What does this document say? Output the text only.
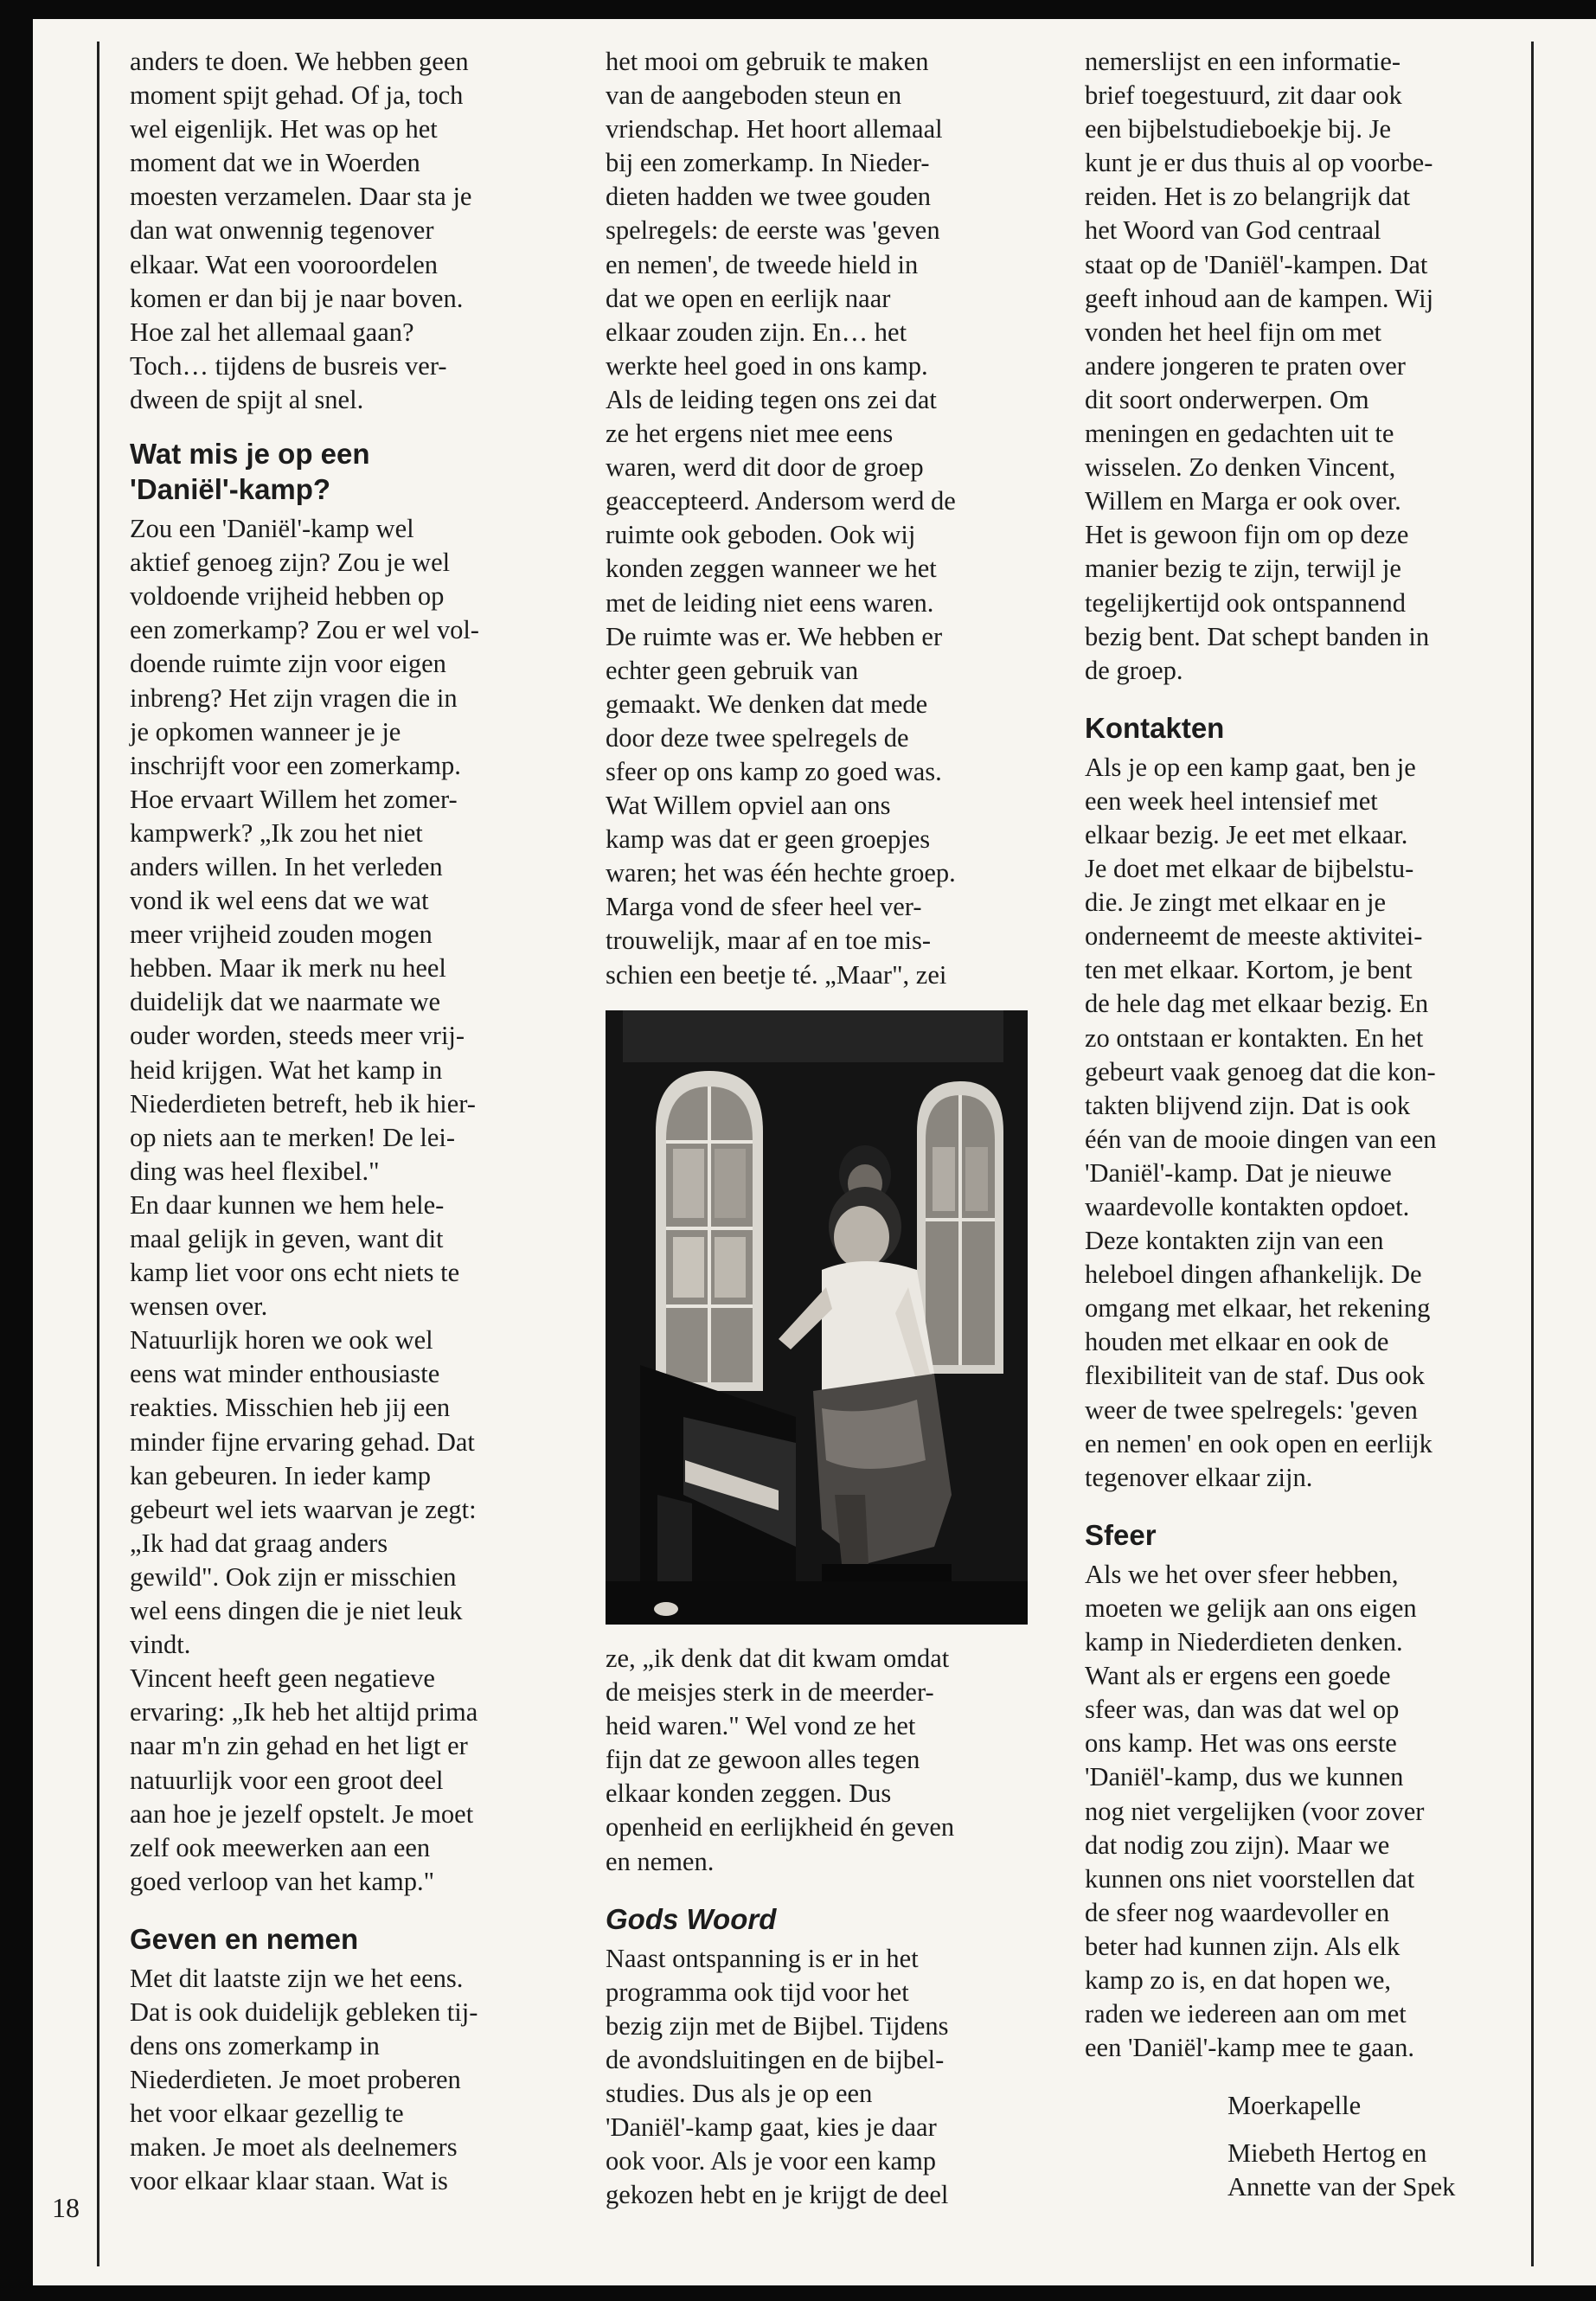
18

anders te doen. We hebben geen

moment spijt gehad. Of ja, toch

wel eigenlijk. Het was op het

moment dat we in Woerden

moesten verzamelen. Daar sta je

dan wat onwennig tegenover

elkaar. Wat een vooroordelen

komen er dan bij je naar boven.

Hoe zal het allemaal gaan?

Toch… tijdens de busreis ver-

dween de spijt al snel.

Wat mis je op een
'Daniël'-kamp?

Zou een 'Daniël'-kamp wel

aktief genoeg zijn? Zou je wel

voldoende vrijheid hebben op

een zomerkamp? Zou er wel vol-

doende ruimte zijn voor eigen

inbreng? Het zijn vragen die in

je opkomen wanneer je je

inschrijft voor een zomerkamp.

Hoe ervaart Willem het zomer-

kampwerk? „Ik zou het niet

anders willen. In het verleden

vond ik wel eens dat we wat

meer vrijheid zouden mogen

hebben. Maar ik merk nu heel

duidelijk dat we naarmate we

ouder worden, steeds meer vrij-

heid krijgen. Wat het kamp in

Niederdieten betreft, heb ik hier-

op niets aan te merken! De lei-

ding was heel flexibel."

En daar kunnen we hem hele-

maal gelijk in geven, want dit

kamp liet voor ons echt niets te

wensen over.

Natuurlijk horen we ook wel

eens wat minder enthousiaste

reakties. Misschien heb jij een

minder fijne ervaring gehad. Dat

kan gebeuren. In ieder kamp

gebeurt wel iets waarvan je zegt:

„Ik had dat graag anders

gewild". Ook zijn er misschien

wel eens dingen die je niet leuk

vindt.

Vincent heeft geen negatieve

ervaring: „Ik heb het altijd prima

naar m'n zin gehad en het ligt er

natuurlijk voor een groot deel

aan hoe je jezelf opstelt. Je moet

zelf ook meewerken aan een

goed verloop van het kamp."

Geven en nemen

Met dit laatste zijn we het eens.

Dat is ook duidelijk gebleken tij-

dens ons zomerkamp in

Niederdieten. Je moet proberen

het voor elkaar gezellig te

maken. Je moet als deelnemers

voor elkaar klaar staan. Wat is

het mooi om gebruik te maken

van de aangeboden steun en

vriendschap. Het hoort allemaal

bij een zomerkamp. In Nieder-

dieten hadden we twee gouden

spelregels: de eerste was 'geven

en nemen', de tweede hield in

dat we open en eerlijk naar

elkaar zouden zijn. En… het

werkte heel goed in ons kamp.

Als de leiding tegen ons zei dat

ze het ergens niet mee eens

waren, werd dit door de groep

geaccepteerd. Andersom werd de

ruimte ook geboden. Ook wij

konden zeggen wanneer we het

met de leiding niet eens waren.

De ruimte was er. We hebben er

echter geen gebruik van

gemaakt. We denken dat mede

door deze twee spelregels de

sfeer op ons kamp zo goed was.

Wat Willem opviel aan ons

kamp was dat er geen groepjes

waren; het was één hechte groep.

Marga vond de sfeer heel ver-

trouwelijk, maar af en toe mis-

schien een beetje té. „Maar", zei

ze, „ik denk dat dit kwam omdat

de meisjes sterk in de meerder-

heid waren." Wel vond ze het

fijn dat ze gewoon alles tegen

elkaar konden zeggen. Dus

openheid en eerlijkheid én geven

en nemen.

Gods Woord

Naast ontspanning is er in het

programma ook tijd voor het

bezig zijn met de Bijbel. Tijdens

de avondsluitingen en de bijbel-

studies. Dus als je op een

'Daniël'-kamp gaat, kies je daar

ook voor. Als je voor een kamp

gekozen hebt en je krijgt de deel

nemerslijst en een informatie-

brief toegestuurd, zit daar ook

een bijbelstudieboekje bij. Je

kunt je er dus thuis al op voorbe-

reiden. Het is zo belangrijk dat

het Woord van God centraal

staat op de 'Daniël'-kampen. Dat

geeft inhoud aan de kampen. Wij

vonden het heel fijn om met

andere jongeren te praten over

dit soort onderwerpen. Om

meningen en gedachten uit te

wisselen. Zo denken Vincent,

Willem en Marga er ook over.

Het is gewoon fijn om op deze

manier bezig te zijn, terwijl je

tegelijkertijd ook ontspannend

bezig bent. Dat schept banden in

de groep.

Kontakten

Als je op een kamp gaat, ben je

een week heel intensief met

elkaar bezig. Je eet met elkaar.

Je doet met elkaar de bijbelstu-

die. Je zingt met elkaar en je

onderneemt de meeste aktivitei-

ten met elkaar. Kortom, je bent

de hele dag met elkaar bezig. En

zo ontstaan er kontakten. En het

gebeurt vaak genoeg dat die kon-

takten blijvend zijn. Dat is ook

één van de mooie dingen van een

'Daniël'-kamp. Dat je nieuwe

waardevolle kontakten opdoet.

Deze kontakten zijn van een

heleboel dingen afhankelijk. De

omgang met elkaar, het rekening

houden met elkaar en ook de

flexibiliteit van de staf. Dus ook

weer de twee spelregels: 'geven

en nemen' en ook open en eerlijk

tegenover elkaar zijn.

Sfeer

Als we het over sfeer hebben,

moeten we gelijk aan ons eigen

kamp in Niederdieten denken.

Want als er ergens een goede

sfeer was, dan was dat wel op

ons kamp. Het was ons eerste

'Daniël'-kamp, dus we kunnen

nog niet vergelijken (voor zover

dat nodig zou zijn). Maar we

kunnen ons niet voorstellen dat

de sfeer nog waardevoller en

beter had kunnen zijn. Als elk

kamp zo is, en dat hopen we,

raden we iedereen aan om met

een 'Daniël'-kamp mee te gaan.

Moerkapelle

Miebeth Hertog en

Annette van der Spek
